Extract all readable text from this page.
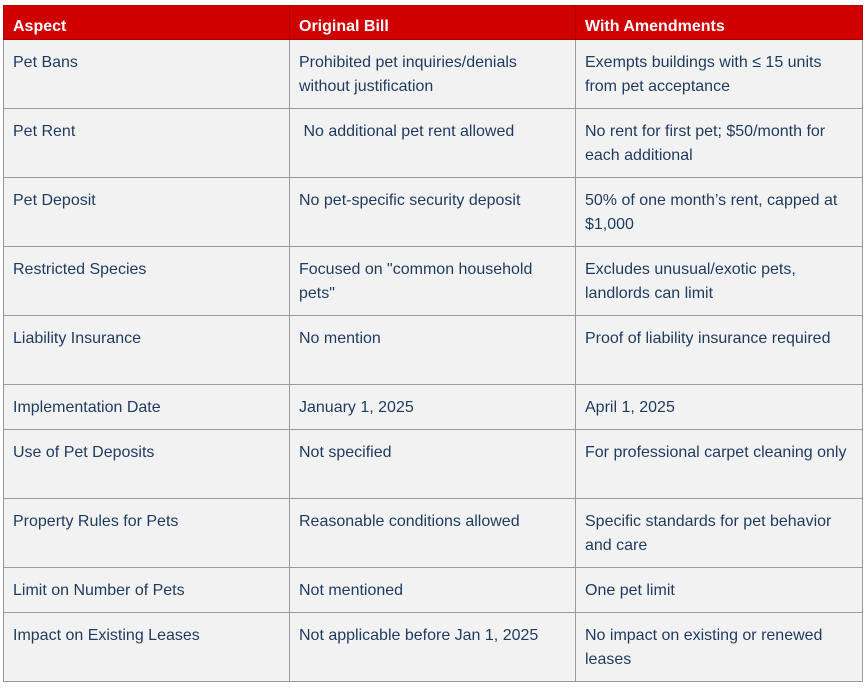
Aspect	Original Bill	With Amendments
Pet Bans	Prohibited pet inquiries/denials without justification	Exempts buildings with ≤ 15 units from pet acceptance
Pet Rent	No additional pet rent allowed	No rent for first pet; $50/month for each additional
Pet Deposit	No pet-specific security deposit	50% of one month’s rent, capped at $1,000
Restricted Species	Focused on "common household pets"	Excludes unusual/exotic pets, landlords can limit
Liability Insurance	No mention	Proof of liability insurance required
Implementation Date	January 1, 2025	April 1, 2025
Use of Pet Deposits	Not specified	For professional carpet cleaning only
Property Rules for Pets	Reasonable conditions allowed	Specific standards for pet behavior and care
Limit on Number of Pets	Not mentioned	One pet limit
Impact on Existing Leases	Not applicable before Jan 1, 2025	No impact on existing or renewed leases
